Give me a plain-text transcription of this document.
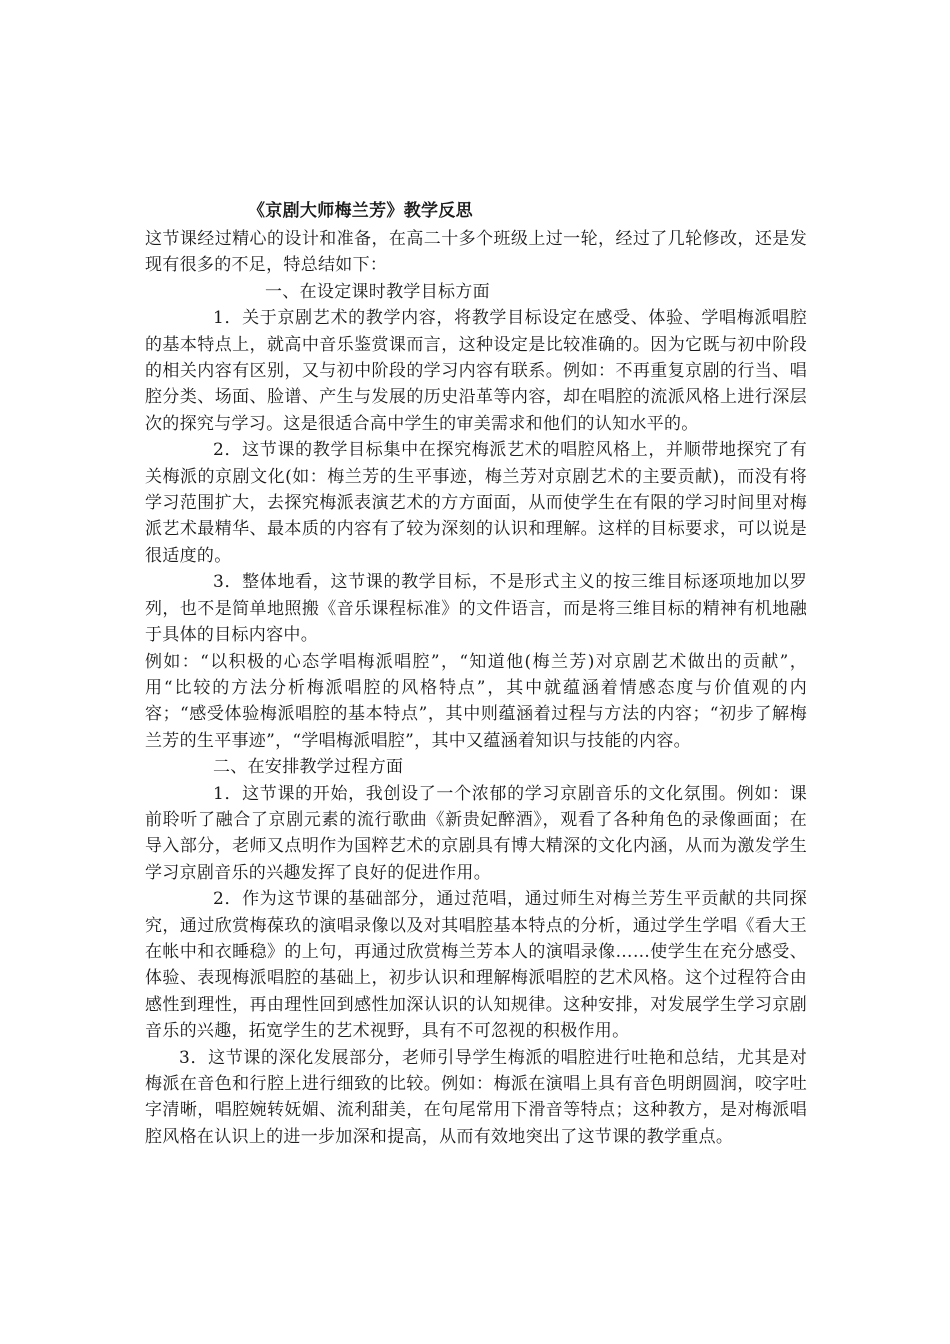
《京剧大师梅兰芳》教学反思

这节课经过精心的设计和准备，在高二十多个班级上过一轮，经过了几轮修改，还是发现有很多的不足，特总结如下：

一、在设定课时教学目标方面

1．关于京剧艺术的教学内容，将教学目标设定在感受、体验、学唱梅派唱腔的基本特点上，就高中音乐鉴赏课而言，这种设定是比较准确的。因为它既与初中阶段的相关内容有区别，又与初中阶段的学习内容有联系。例如：不再重复京剧的行当、唱腔分类、场面、脸谱、产生与发展的历史沿革等内容，却在唱腔的流派风格上进行深层次的探究与学习。这是很适合高中学生的审美需求和他们的认知水平的。

2．这节课的教学目标集中在探究梅派艺术的唱腔风格上，并顺带地探究了有关梅派的京剧文化(如：梅兰芳的生平事迹，梅兰芳对京剧艺术的主要贡献)，而没有将学习范围扩大，去探究梅派表演艺术的方方面面，从而使学生在有限的学习时间里对梅派艺术最精华、最本质的内容有了较为深刻的认识和理解。这样的目标要求，可以说是很适度的。

3．整体地看，这节课的教学目标，不是形式主义的按三维目标逐项地加以罗列，也不是简单地照搬《音乐课程标准》的文件语言，而是将三维目标的精神有机地融于具体的目标内容中。

例如：“以积极的心态学唱梅派唱腔”，“知道他(梅兰芳)对京剧艺术做出的贡献”，用“比较的方法分析梅派唱腔的风格特点”，其中就蕴涵着情感态度与价值观的内容；“感受体验梅派唱腔的基本特点”，其中则蕴涵着过程与方法的内容；“初步了解梅兰芳的生平事迹”，“学唱梅派唱腔”，其中又蕴涵着知识与技能的内容。

二、在安排教学过程方面

1．这节课的开始，我创设了一个浓郁的学习京剧音乐的文化氛围。例如：课前聆听了融合了京剧元素的流行歌曲《新贵妃醉酒》，观看了各种角色的录像画面；在导入部分，老师又点明作为国粹艺术的京剧具有博大精深的文化内涵，从而为激发学生学习京剧音乐的兴趣发挥了良好的促进作用。

2．作为这节课的基础部分，通过范唱，通过师生对梅兰芳生平贡献的共同探究，通过欣赏梅葆玖的演唱录像以及对其唱腔基本特点的分析，通过学生学唱《看大王在帐中和衣睡稳》的上句，再通过欣赏梅兰芳本人的演唱录像……使学生在充分感受、体验、表现梅派唱腔的基础上，初步认识和理解梅派唱腔的艺术风格。这个过程符合由感性到理性，再由理性回到感性加深认识的认知规律。这种安排，对发展学生学习京剧音乐的兴趣，拓宽学生的艺术视野，具有不可忽视的积极作用。

3．这节课的深化发展部分，老师引导学生梅派的唱腔进行吐艳和总结，尤其是对梅派在音色和行腔上进行细致的比较。例如：梅派在演唱上具有音色明朗圆润，咬字吐字清晰，唱腔婉转妩媚、流利甜美，在句尾常用下滑音等特点；这种教方，是对梅派唱腔风格在认识上的进一步加深和提高，从而有效地突出了这节课的教学重点。
